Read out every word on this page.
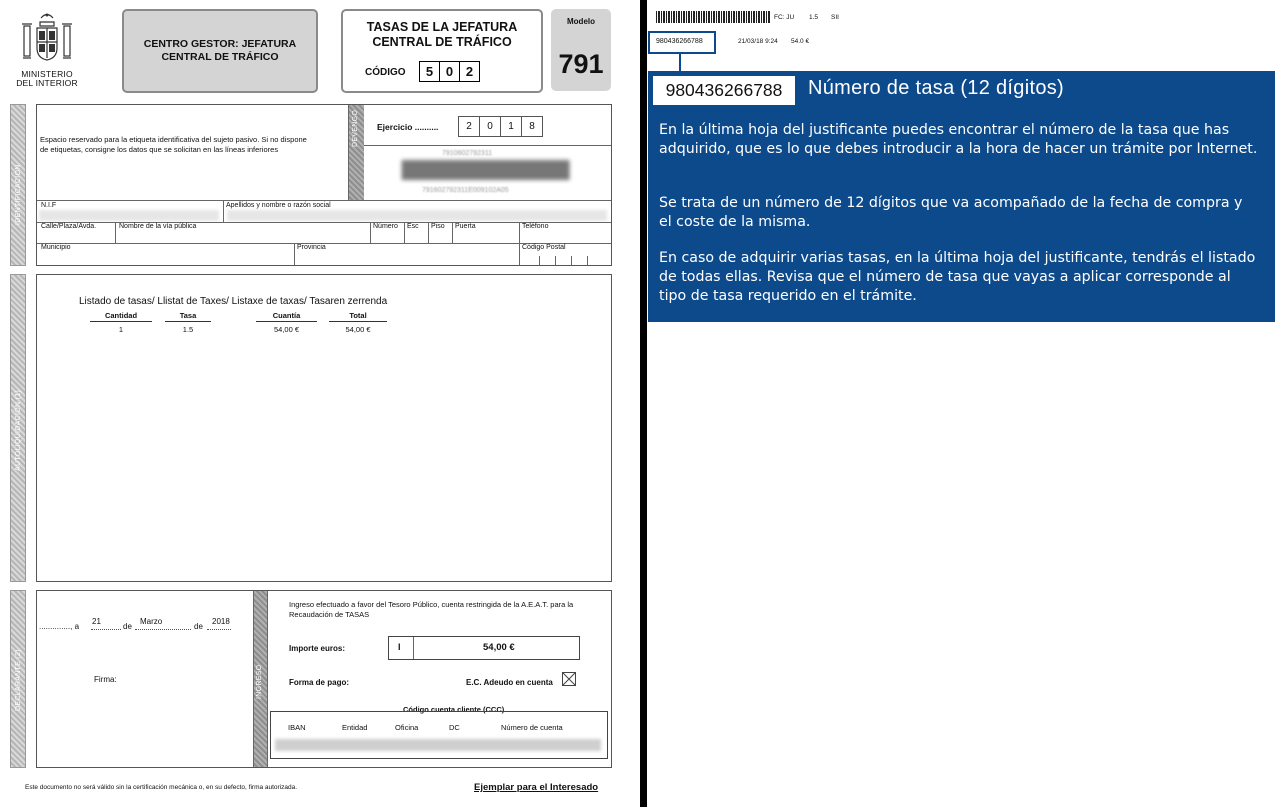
MINISTERIO DEL INTERIOR
CENTRO GESTOR: JEFATURA CENTRAL DE TRÁFICO
TASAS DE LA JEFATURA CENTRAL DE TRÁFICO
CÓDIGO	5 0 2
Modelo
791
IDENTIFICACIÓN
Espacio reservado para la etiqueta identificativa del sujeto pasivo. Si no dispone de etiquetas, consigne los datos que se solicitan en las líneas inferiores
DEVENGO Ejercicio ..........	2	0	1	8
7910602792311
791602792311E009102A05
N.I.F	Apellidos y nombre o razón social
Calle/Plaza/Avda.	Nombre de la vía pública	Número Esc Piso Puerta	Teléfono
Municipio	Provincia	Código Postal
AUTOLIQUIDACIÓN (1)
Listado de tasas/ Llistat de Taxes/ Listaxe de taxas/ Tasaren zerrenda
Cantidad	Tasa	Cuantía	Total
1	1.5	54,00 €	54,00 €
DECLARANTE (2)
.............., a
21
de
Marzo
de
2018
Firma:	INGRESO
Ingreso efectuado a favor del Tesoro Público, cuenta restringida de la A.E.A.T. para la Recaudación de TASAS
Importe euros:	I	54,00 €
Forma de pago:	E.C. Adeudo en cuenta
Código cuenta cliente (CCC)
IBAN	Entidad	Oficina	DC	Número de cuenta
Este documento no será válido sin la certificación mecánica o, en su defecto, firma autorizada.	Ejemplar para el Interesado
FC: JU 1.5 SII
980436266788	21/03/18 9:24 54.0 €
980436266788 Número de tasa (12 dígitos)
En la última hoja del justificante puedes encontrar el número de la tasa que has adquirido, que es lo que debes introducir a la hora de hacer un trámite por Internet.
Se trata de un número de 12 dígitos que va acompañado de la fecha de compra y el coste de la misma.
En caso de adquirir varias tasas, en la última hoja del justificante, tendrás el listado de todas ellas. Revisa que el número de tasa que vayas a aplicar corresponde al tipo de tasa requerido en el trámite.
